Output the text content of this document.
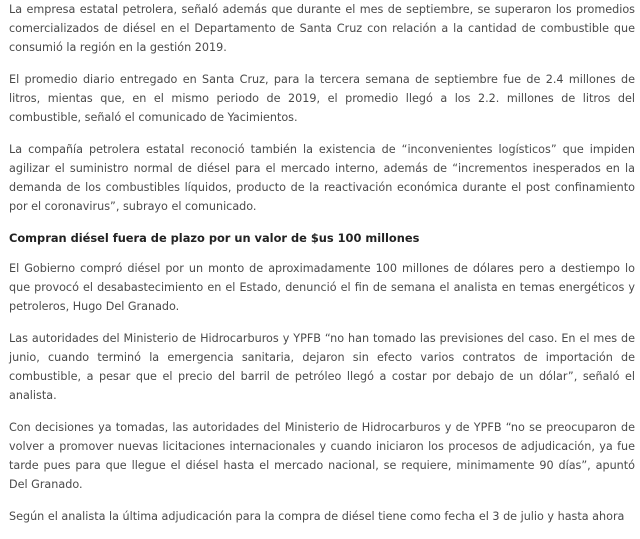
La empresa estatal petrolera, señaló además que durante el mes de septiembre, se superaron los promedios comercializados de diésel en el Departamento de Santa Cruz con relación a la cantidad de combustible que consumió la región en la gestión 2019.

El promedio diario entregado en Santa Cruz, para la tercera semana de septiembre fue de 2.4 millones de litros, mientas que, en el mismo periodo de 2019, el promedio llegó a los 2.2. millones de litros del combustible, señaló el comunicado de Yacimientos.

La compañía petrolera estatal reconoció también la existencia de “inconvenientes logísticos” que impiden agilizar el suministro normal de diésel para el mercado interno, además de “incrementos inesperados en la demanda de los combustibles líquidos, producto de la reactivación económica durante el post confinamiento por el coronavirus”, subrayo el comunicado.

Compran diésel fuera de plazo por un valor de $us 100 millones

El Gobierno compró diésel por un monto de aproximadamente 100 millones de dólares pero a destiempo lo que provocó el desabastecimiento en el Estado, denunció el fin de semana el analista en temas energéticos y petroleros, Hugo Del Granado.

Las autoridades del Ministerio de Hidrocarburos y YPFB “no han tomado las previsiones del caso. En el mes de junio, cuando terminó la emergencia sanitaria, dejaron sin efecto varios contratos de importación de combustible, a pesar que el precio del barril de petróleo llegó a costar por debajo de un dólar”, señaló el analista.

Con decisiones ya tomadas, las autoridades del Ministerio de Hidrocarburos y de YPFB “no se preocuparon de volver a promover nuevas licitaciones internacionales y cuando iniciaron los procesos de adjudicación, ya fue tarde pues para que llegue el diésel hasta el mercado nacional, se requiere, minimamente 90 días”, apuntó Del Granado.

Según el analista la última adjudicación para la compra de diésel tiene como fecha el 3 de julio y hasta ahora
